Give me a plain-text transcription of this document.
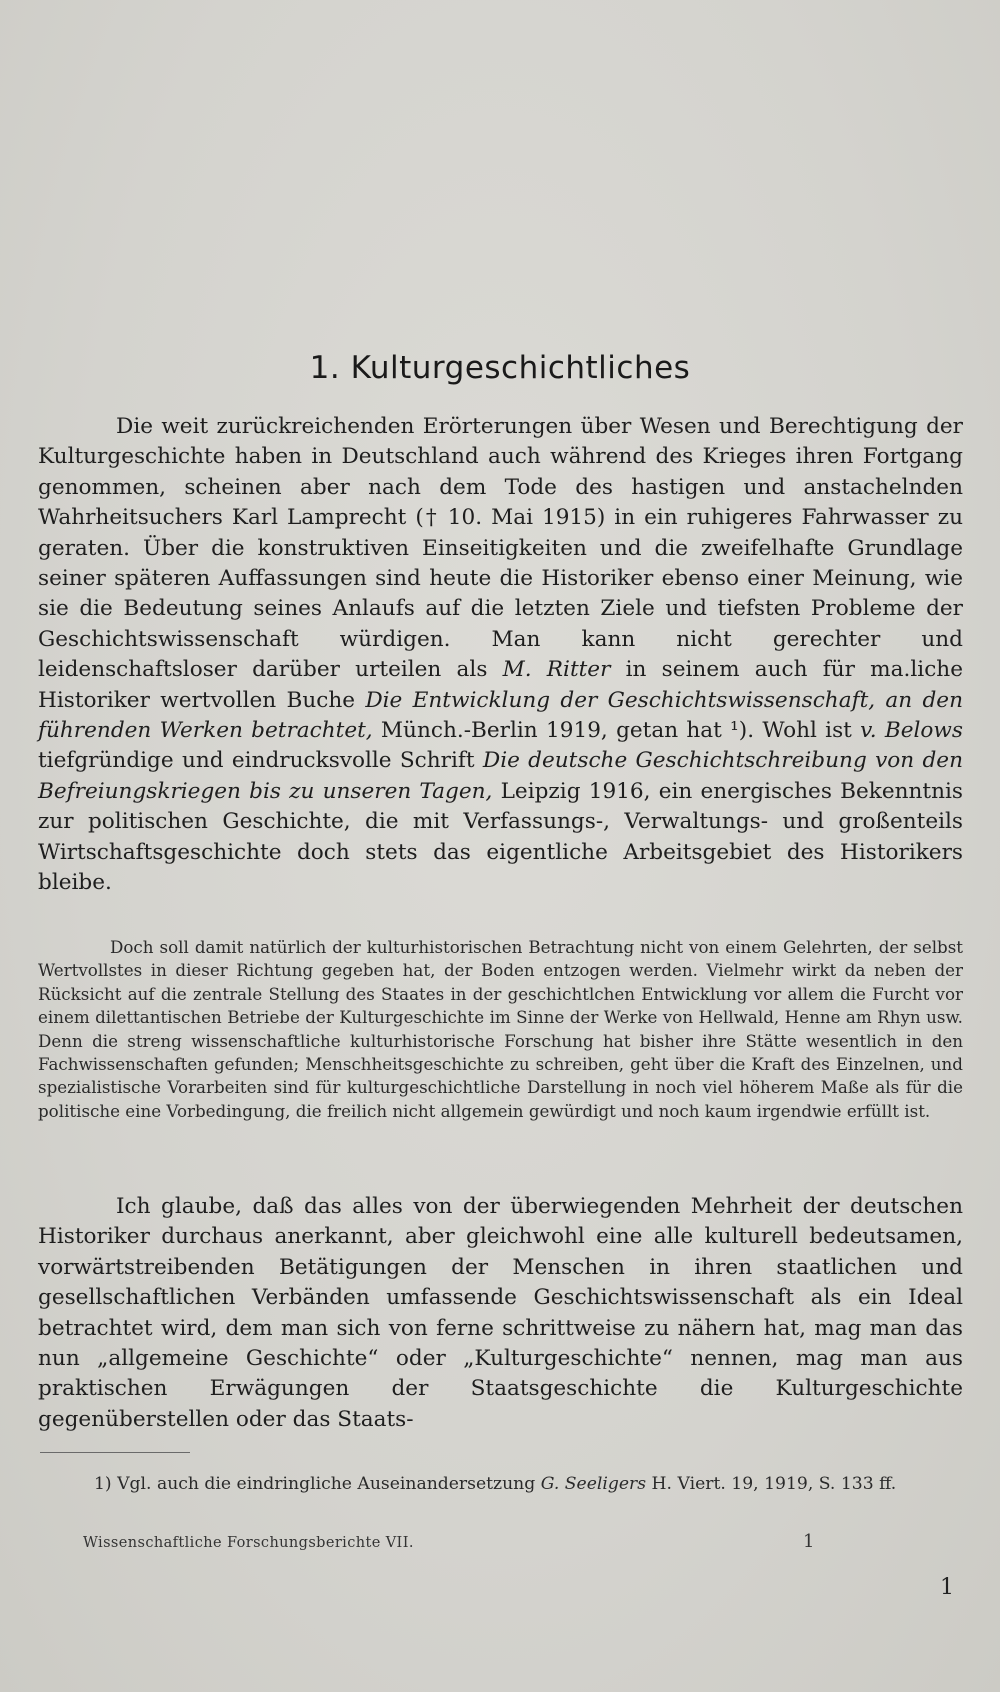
1. Kulturgeschichtliches

Die weit zurückreichenden Erörterungen über Wesen und Berechtigung der Kulturgeschichte haben in Deutschland auch während des Krieges ihren Fortgang genommen, scheinen aber nach dem Tode des hastigen und anstachelnden Wahrheitsuchers Karl Lamprecht († 10. Mai 1915) in ein ruhigeres Fahrwasser zu geraten. Über die konstruktiven Einseitigkeiten und die zweifelhafte Grundlage seiner späteren Auffassungen sind heute die Historiker ebenso einer Meinung, wie sie die Bedeutung seines Anlaufs auf die letzten Ziele und tiefsten Probleme der Geschichtswissenschaft würdigen. Man kann nicht gerechter und leidenschaftsloser darüber urteilen als M. Ritter in seinem auch für ma.liche Historiker wertvollen Buche Die Entwicklung der Geschichtswissenschaft, an den führenden Werken betrachtet, Münch.-Berlin 1919, getan hat ¹). Wohl ist v. Belows tiefgründige und eindrucksvolle Schrift Die deutsche Geschichtschreibung von den Befreiungskriegen bis zu unseren Tagen, Leipzig 1916, ein energisches Bekenntnis zur politischen Geschichte, die mit Verfassungs-, Verwaltungs- und großenteils Wirtschaftsgeschichte doch stets das eigentliche Arbeitsgebiet des Historikers bleibe.

Doch soll damit natürlich der kulturhistorischen Betrachtung nicht von einem Gelehrten, der selbst Wertvollstes in dieser Richtung gegeben hat, der Boden entzogen werden. Vielmehr wirkt da neben der Rücksicht auf die zentrale Stellung des Staates in der geschichtlchen Entwicklung vor allem die Furcht vor einem dilettantischen Betriebe der Kulturgeschichte im Sinne der Werke von Hellwald, Henne am Rhyn usw. Denn die streng wissenschaftliche kulturhistorische Forschung hat bisher ihre Stätte wesentlich in den Fachwissenschaften gefunden; Menschheitsgeschichte zu schreiben, geht über die Kraft des Einzelnen, und spezialistische Vorarbeiten sind für kulturgeschichtliche Darstellung in noch viel höherem Maße als für die politische eine Vorbedingung, die freilich nicht allgemein gewürdigt und noch kaum irgendwie erfüllt ist.

Ich glaube, daß das alles von der überwiegenden Mehrheit der deutschen Historiker durchaus anerkannt, aber gleichwohl eine alle kulturell bedeutsamen, vorwärtstreibenden Betätigungen der Menschen in ihren staatlichen und gesellschaftlichen Verbänden umfassende Geschichtswissenschaft als ein Ideal betrachtet wird, dem man sich von ferne schrittweise zu nähern hat, mag man das nun „allgemeine Geschichte“ oder „Kulturgeschichte“ nennen, mag man aus praktischen Erwägungen der Staatsgeschichte die Kulturgeschichte gegenüberstellen oder das Staats-

1) Vgl. auch die eindringliche Auseinandersetzung G. Seeligers H. Viert. 19, 1919, S. 133 ff.

Wissenschaftliche Forschungsberichte VII.	1

1
